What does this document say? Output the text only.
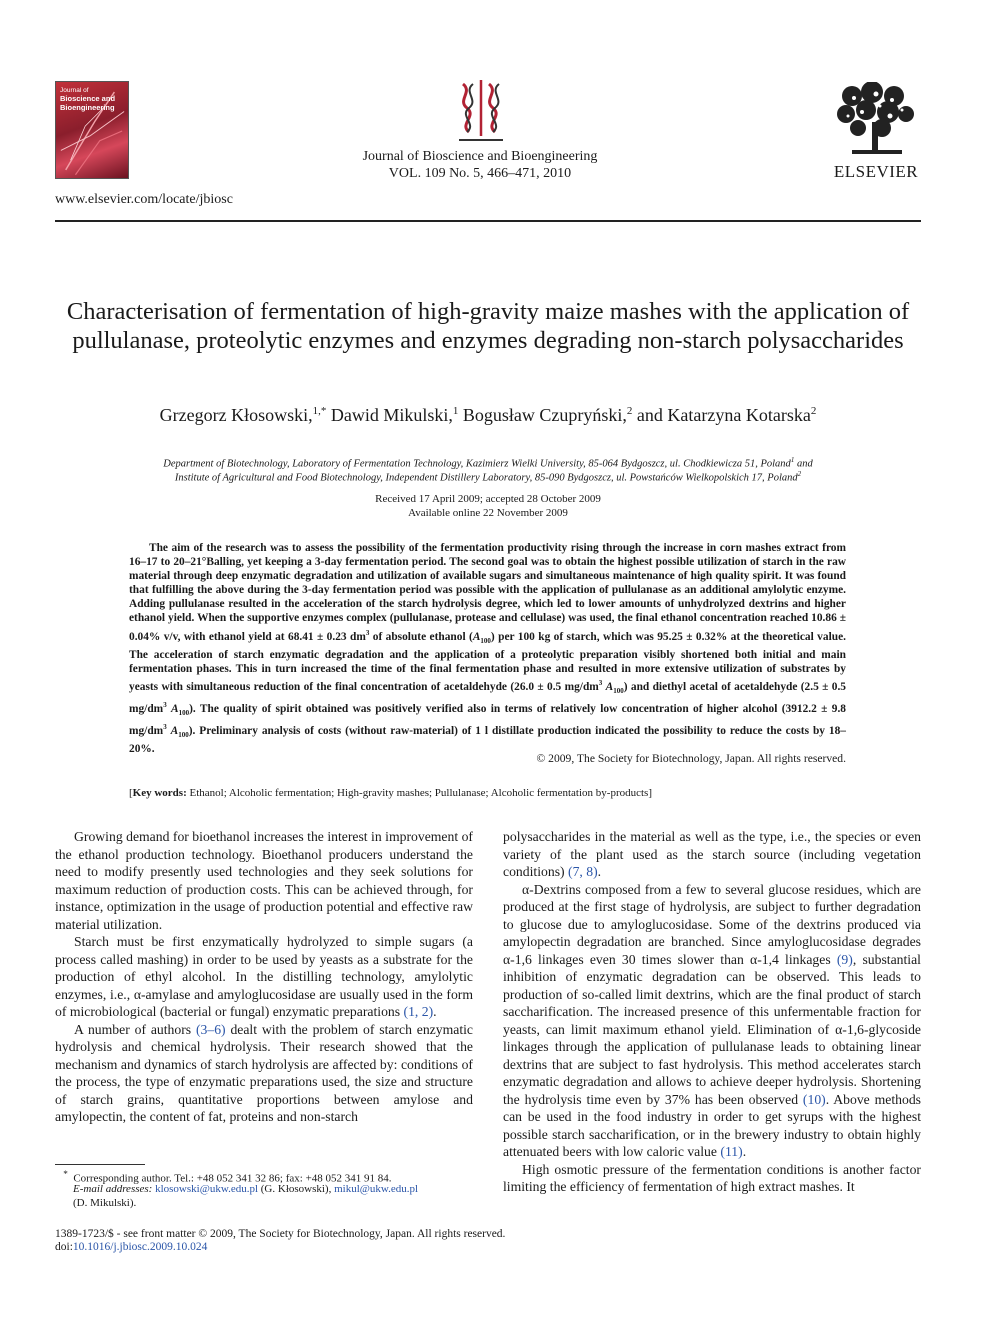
Journal of
Bioscience and
Bioengineering
Journal of Bioscience and Bioengineering
VOL. 109 No. 5, 466–471, 2010	ELSEVIER
www.elsevier.com/locate/jbiosc
Characterisation of fermentation of high-gravity maize mashes with the application of pullulanase, proteolytic enzymes and enzymes degrading non-starch polysaccharides
Grzegorz Kłosowski,$^{1,*}$ Dawid Mikulski,$^1$ Bogusław Czupryński,$^2$ and Katarzyna Kotarska$^2$
Department of Biotechnology, Laboratory of Fermentation Technology, Kazimierz Wielki University, 85-064 Bydgoszcz, ul. Chodkiewicza 51, Poland$^1$ and
Institute of Agricultural and Food Biotechnology, Independent Distillery Laboratory, 85-090 Bydgoszcz, ul. Powstańców Wielkopolskich 17, Poland$^2$
Received 17 April 2009; accepted 28 October 2009
Available online 22 November 2009
The aim of the research was to assess the possibility of the fermentation productivity rising through the increase in corn mashes extract from 16–17 to 20–21°Balling, yet keeping a 3-day fermentation period. The second goal was to obtain the highest possible utilization of starch in the raw material through deep enzymatic degradation and utilization of available sugars and simultaneous maintenance of high quality spirit. It was found that fulfilling the above during the 3-day fermentation period was possible with the application of pullulanase as an additional amylolytic enzyme. Adding pullulanase resulted in the acceleration of the starch hydrolysis degree, which led to lower amounts of unhydrolyzed dextrins and higher ethanol yield. When the supportive enzymes complex (pullulanase, protease and cellulase) was used, the final ethanol concentration reached 10.86 ± 0.04% v/v, with ethanol yield at 68.41 ± 0.23 $dm^3$ of absolute ethanol $(A_{100})$ per 100 kg of starch, which was 95.25 ± 0.32% at the theoretical value. The acceleration of starch enzymatic degradation and the application of a proteolytic preparation visibly shortened both initial and main fermentation phases. This in turn increased the time of the final fermentation phase and resulted in more extensive utilization of substrates by yeasts with simultaneous reduction of the final concentration of acetaldehyde (26.0 ± 0.5 $mg/dm^3$ $A_{100}$) and diethyl acetal of acetaldehyde (2.5 ± 0.5 $mg/dm^3$ $A_{100}$). The quality of spirit obtained was positively verified also in terms of relatively low concentration of higher alcohol (3912.2 ± 9.8 $mg/dm^3$ $A_{100}$). Preliminary analysis of costs (without raw-material) of 1 l distillate production indicated the possibility to reduce the costs by 18–20%.
© 2009, The Society for Biotechnology, Japan. All rights reserved.
[Key words: Ethanol; Alcoholic fermentation; High-gravity mashes; Pullulanase; Alcoholic fermentation by-products]

Growing demand for bioethanol increases the interest in improvement of the ethanol production technology. Bioethanol producers understand the need to modify presently used technologies and they seek solutions for maximum reduction of production costs. This can be achieved through, for instance, optimization in the usage of production potential and effective raw material utilization.

Starch must be first enzymatically hydrolyzed to simple sugars (a process called mashing) in order to be used by yeasts as a substrate for the production of ethyl alcohol. In the distilling technology, amylolytic enzymes, i.e., α-amylase and amyloglucosidase are usually used in the form of microbiological (bacterial or fungal) enzymatic preparations (1, 2).

A number of authors (3–6) dealt with the problem of starch enzymatic hydrolysis and chemical hydrolysis. Their research showed that the mechanism and dynamics of starch hydrolysis are affected by: conditions of the process, the type of enzymatic preparations used, the size and structure of starch grains, quantitative proportions between amylose and amylopectin, the content of fat, proteins and non-starch

polysaccharides in the material as well as the type, i.e., the species or even variety of the plant used as the starch source (including vegetation conditions) (7, 8).

α-Dextrins composed from a few to several glucose residues, which are produced at the first stage of hydrolysis, are subject to further degradation to glucose due to amyloglucosidase. Some of the dextrins produced via amylopectin degradation are branched. Since amyloglucosidase degrades α-1,6 linkages even 30 times slower than α-1,4 linkages (9), substantial inhibition of enzymatic degradation can be observed. This leads to production of so-called limit dextrins, which are the final product of starch saccharification. The increased presence of this unfermentable fraction for yeasts, can limit maximum ethanol yield. Elimination of α-1,6-glycoside linkages through the application of pullulanase leads to obtaining linear dextrins that are subject to fast hydrolysis. This method accelerates starch enzymatic degradation and allows to achieve deeper hydrolysis. Shortening the hydrolysis time even by 37% has been observed (10). Above methods can be used in the food industry in order to get syrups with the highest possible starch saccharification, or in the brewery industry to obtain highly attenuated beers with low caloric value (11).

High osmotic pressure of the fermentation conditions is another factor limiting the efficiency of fermentation of high extract mashes. It

* Corresponding author. Tel.: +48 052 341 32 86; fax: +48 052 341 91 84.
E-mail addresses: klosowski@ukw.edu.pl (G. Kłosowski), mikul@ukw.edu.pl
(D. Mikulski).
1389-1723/$ - see front matter © 2009, The Society for Biotechnology, Japan. All rights reserved.
doi:10.1016/j.jbiosc.2009.10.024
